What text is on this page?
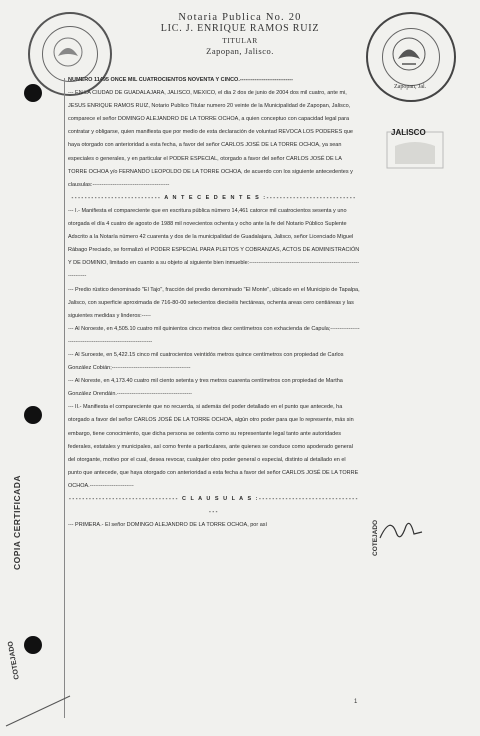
Zapopan, Jal.
Notaria Publica No. 20
LIC. J. ENRIQUE RAMOS RUIZ
TITULAR
Zapopan, Jalisco.
JALISCO
COPIA CERTIFICADA
COTEJADO
COTEJADO

NUMERO 11495 ONCE MIL CUATROCIENTOS NOVENTA Y CINCO.-----------------------------

--- EN LA CIUDAD DE GUADALAJARA, JALISCO, MEXICO, el dia 2 dos de junio de 2004 dos mil cuatro, ante mi, JESUS ENRIQUE RAMOS RUIZ, Notario Publico Titular numero 20 veinte de la Municipalidad de Zapopan, Jalisco, comparece el señor DOMINGO ALEJANDRO DE LA TORRE OCHOA, a quien conceptuo con capacidad legal para contratar y obligarse, quien manifiesta que por medio de esta declaración de voluntad REVOCA LOS PODERES que haya otorgado con anterioridad a esta fecha, a favor del señor CARLOS JOSÉ DE LA TORRE OCHOA, ya sean especiales o generales, y en particular el PODER ESPECIAL, otorgado a favor del señor CARLOS JOSÉ DE LA TORRE OCHOA y/o FERNANDO LEOPOLDO DE LA TORRE OCHOA, de acuerdo con los siguiente antecedentes y clausulas:------------------------------------------

--------------------------- A N T E C E D E N T E S :---------------------------

--- I.- Manifiesta el compareciente que en escritura pública número 14,461 catorce mil cuatrocientos sesenta y uno otorgada el día 4 cuatro de agosto de 1988 mil novecientos ochenta y ocho ante la fe del Notario Público Suplente Adscrito a la Notaría número 42 cuarenta y dos de la municipalidad de Guadalajara, Jalisco, señor Licenciado Miguel Rábago Preciado, se formalizó el PODER ESPECIAL PARA PLEITOS Y COBRANZAS, ACTOS DE ADMINISTRACIÓN Y DE DOMINIO, limitado en cuanto a su objeto al siguiente bien inmueble:----------------------------------------------------------------------

--- Predio rústico denominado "El Tajo", fracción del predio denominado "El Monte", ubicado en el Municipio de Tapalpa, Jalisco, con superficie aproximada de 716-80-00 setecientos dieciséis hectáreas, ochenta areas cero centiáreas y las siguientes medidas y linderos:-----

--- Al Noroeste, en 4,505.10 cuatro mil quinientos cinco metros diez centímetros con exhacienda de Capula;--------------------------------------------------------------

--- Al Suroeste, en 5,422.15 cinco mil cuatrocientos veintidós metros quince centímetros con propiedad de Carlos González Cobián;-------------------------------------------

--- Al Noreste, en 4,173.40 cuatro mil ciento setenta y tres metros cuarenta centímetros con propiedad de Martha González Orendáin.-----------------------------------------

--- II.- Manifiesta el compareciente que no recuerda, si además del poder detallado en el punto que antecede, ha otorgado a favor del señor CARLOS JOSÉ DE LA TORRE OCHOA, algún otro poder para que lo represente, más sin embargo, tiene conocimiento, que dicha persona se ostenta como su representante legal tanto ante autoridades federales, estatales y municipales, así como frente a particulares, ante quienes se conduce como apoderado general del otorgante, motivo por el cual, desea revocar, cualquier otro poder general o especial, distinto al detallado en el punto que antecede, que haya otorgado con anterioridad a esta fecha a favor del señor CARLOS JOSÉ DE LA TORRE OCHOA.------------------------

--------------------------------- C L A U S U L A S :---------------------------------

--- PRIMERA.- El señor DOMINGO ALEJANDRO DE LA TORRE OCHOA, por así

1
